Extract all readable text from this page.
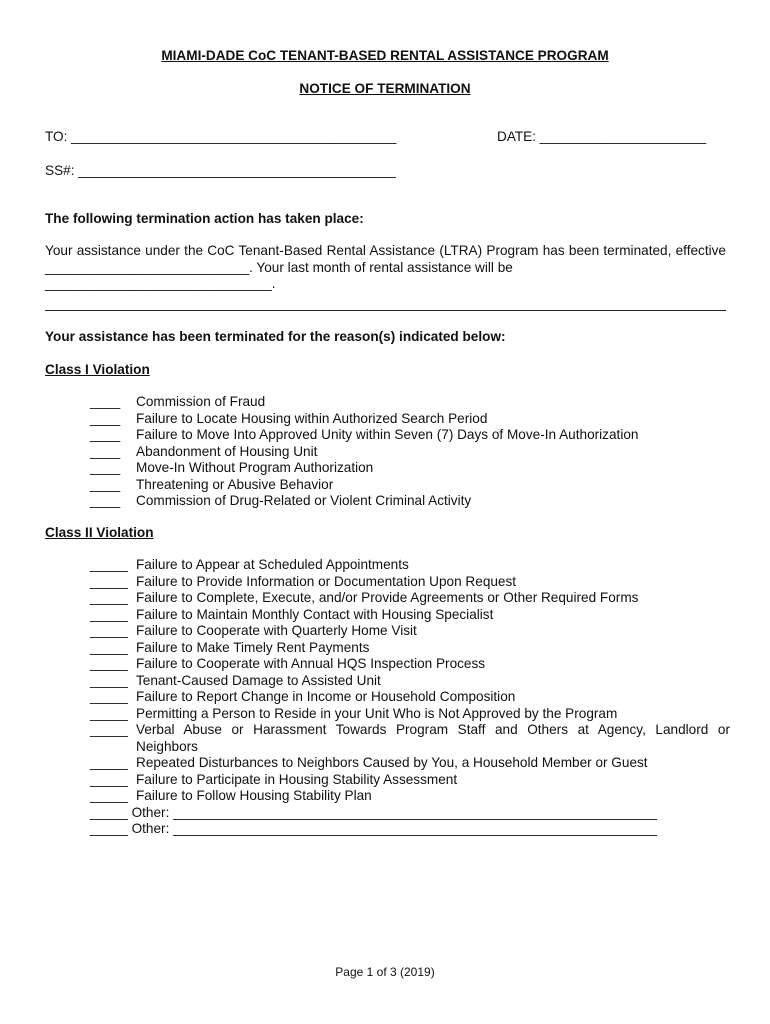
MIAMI-DADE CoC TENANT-BASED RENTAL ASSISTANCE PROGRAM
NOTICE OF TERMINATION
TO: ___________________________________________	DATE: ______________________
SS#: __________________________________________
The following termination action has taken place:
Your assistance under the CoC Tenant-Based Rental Assistance (LTRA) Program has been terminated, effective ___________________________. Your last month of rental assistance will be
______________________________.
Your assistance has been terminated for the reason(s) indicated below:
Class I Violation
____	Commission of Fraud
____	Failure to Locate Housing within Authorized Search Period
____	Failure to Move Into Approved Unity within Seven (7) Days of Move-In Authorization
____	Abandonment of Housing Unit
____	Move-In Without Program Authorization
____	Threatening or Abusive Behavior
____	Commission of Drug-Related or Violent Criminal Activity
Class II Violation
_____ Failure to Appear at Scheduled Appointments
_____ Failure to Provide Information or Documentation Upon Request
_____ Failure to Complete, Execute, and/or Provide Agreements or Other Required Forms
_____ Failure to Maintain Monthly Contact with Housing Specialist
_____ Failure to Cooperate with Quarterly Home Visit
_____ Failure to Make Timely Rent Payments
_____ Failure to Cooperate with Annual HQS Inspection Process
_____ Tenant-Caused Damage to Assisted Unit
_____ Failure to Report Change in Income or Household Composition
_____ Permitting a Person to Reside in your Unit Who is Not Approved by the Program
_____ Verbal Abuse or Harassment Towards Program Staff and Others at Agency, Landlord or
Neighbors
_____ Repeated Disturbances to Neighbors Caused by You, a Household Member or Guest
_____ Failure to Participate in Housing Stability Assessment
_____ Failure to Follow Housing Stability Plan
_____ Other: ________________________________________________________________
_____ Other: ________________________________________________________________
Page 1 of 3 (2019)
